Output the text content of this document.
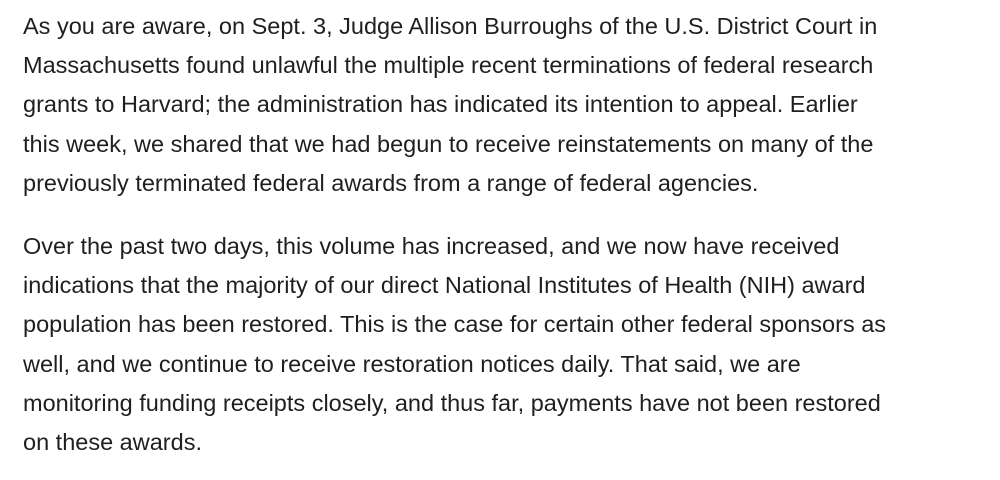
As you are aware, on Sept. 3, Judge Allison Burroughs of the U.S. District Court in
Massachusetts found unlawful the multiple recent terminations of federal research
grants to Harvard; the administration has indicated its intention to appeal. Earlier
this week, we shared that we had begun to receive reinstatements on many of the
previously terminated federal awards from a range of federal agencies.

Over the past two days, this volume has increased, and we now have received
indications that the majority of our direct National Institutes of Health (NIH) award
population has been restored. This is the case for certain other federal sponsors as
well, and we continue to receive restoration notices daily. That said, we are
monitoring funding receipts closely, and thus far, payments have not been restored
on these awards.
